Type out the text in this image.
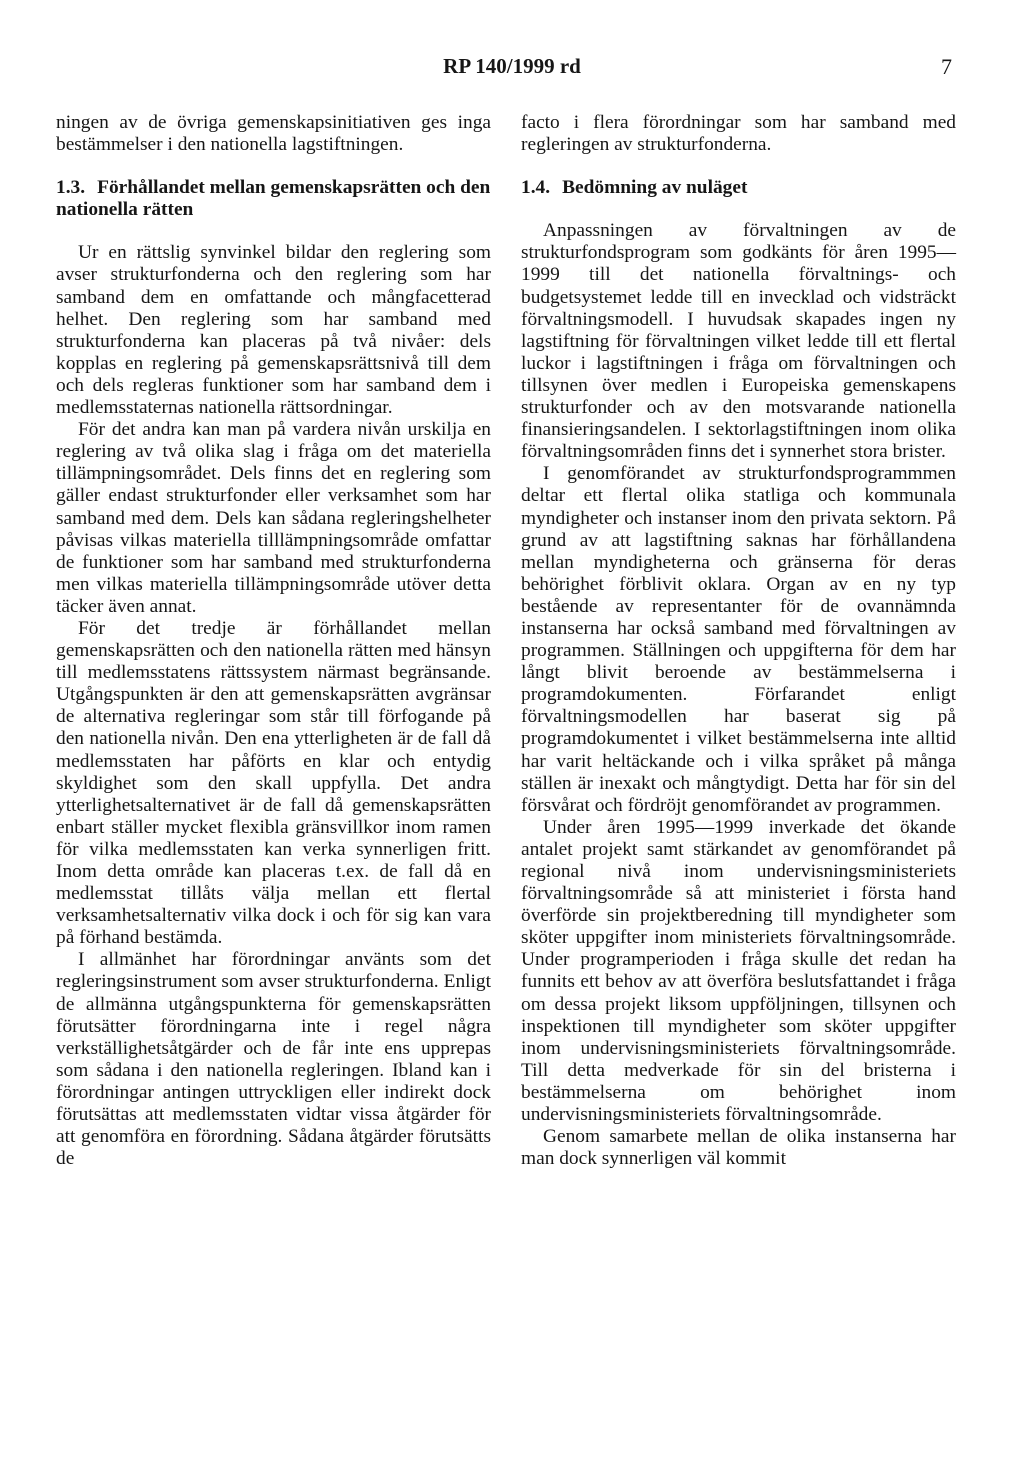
RP 140/1999 rd	7

ningen av de övriga gemenskapsinitiativen ges inga bestämmelser i den nationella lagstiftningen.

1.3. Förhållandet mellan gemenskapsrätten och den nationella rätten

Ur en rättslig synvinkel bildar den reglering som avser strukturfonderna och den reglering som har samband dem en omfattande och mångfacetterad helhet. Den reglering som har samband med strukturfonderna kan placeras på två nivåer: dels kopplas en reglering på gemenskapsrättsnivå till dem och dels regleras funktioner som har samband dem i medlemsstaternas nationella rättsordningar.

För det andra kan man på vardera nivån urskilja en reglering av två olika slag i fråga om det materiella tillämpningsområdet. Dels finns det en reglering som gäller endast strukturfonder eller verksamhet som har samband med dem. Dels kan sådana regleringshelheter påvisas vilkas materiella tilllämpningsområde omfattar de funktioner som har samband med strukturfonderna men vilkas materiella tillämpningsområde utöver detta täcker även annat.

För det tredje är förhållandet mellan gemenskapsrätten och den nationella rätten med hänsyn till medlemsstatens rättssystem närmast begränsande. Utgångspunkten är den att gemenskapsrätten avgränsar de alternativa regleringar som står till förfogande på den nationella nivån. Den ena ytterligheten är de fall då medlemsstaten har påförts en klar och entydig skyldighet som den skall uppfylla. Det andra ytterlighetsalternativet är de fall då gemenskapsrätten enbart ställer mycket flexibla gränsvillkor inom ramen för vilka medlemsstaten kan verka synnerligen fritt. Inom detta område kan placeras t.ex. de fall då en medlemsstat tillåts välja mellan ett flertal verksamhetsalternativ vilka dock i och för sig kan vara på förhand bestämda.

I allmänhet har förordningar använts som det regleringsinstrument som avser strukturfonderna. Enligt de allmänna utgångspunkterna för gemenskapsrätten förutsätter förordningarna inte i regel några verkställighetsåtgärder och de får inte ens upprepas som sådana i den nationella regleringen. Ibland kan i förordningar antingen uttryckligen eller indirekt dock förutsättas att medlemsstaten vidtar vissa åtgärder för att genomföra en förordning. Sådana åtgärder förutsätts de

facto i flera förordningar som har samband med regleringen av strukturfonderna.

1.4. Bedömning av nuläget

Anpassningen av förvaltningen av de strukturfondsprogram som godkänts för åren 1995—1999 till det nationella förvaltnings- och budgetsystemet ledde till en invecklad och vidsträckt förvaltningsmodell. I huvudsak skapades ingen ny lagstiftning för förvaltningen vilket ledde till ett flertal luckor i lagstiftningen i fråga om förvaltningen och tillsynen över medlen i Europeiska gemenskapens strukturfonder och av den motsvarande nationella finansieringsandelen. I sektorlagstiftningen inom olika förvaltningsområden finns det i synnerhet stora brister.

I genomförandet av strukturfondsprogrammmen deltar ett flertal olika statliga och kommunala myndigheter och instanser inom den privata sektorn. På grund av att lagstiftning saknas har förhållandena mellan myndigheterna och gränserna för deras behörighet förblivit oklara. Organ av en ny typ bestående av representanter för de ovannämnda instanserna har också samband med förvaltningen av programmen. Ställningen och uppgifterna för dem har långt blivit beroende av bestämmelserna i programdokumenten. Förfarandet enligt förvaltningsmodellen har baserat sig på programdokumentet i vilket bestämmelserna inte alltid har varit heltäckande och i vilka språket på många ställen är inexakt och mångtydigt. Detta har för sin del försvårat och fördröjt genomförandet av programmen.

Under åren 1995—1999 inverkade det ökande antalet projekt samt stärkandet av genomförandet på regional nivå inom undervisningsministeriets förvaltningsområde så att ministeriet i första hand överförde sin projektberedning till myndigheter som sköter uppgifter inom ministeriets förvaltningsområde. Under programperioden i fråga skulle det redan ha funnits ett behov av att överföra beslutsfattandet i fråga om dessa projekt liksom uppföljningen, tillsynen och inspektionen till myndigheter som sköter uppgifter inom undervisningsministeriets förvaltningsområde. Till detta medverkade för sin del bristerna i bestämmelserna om behörighet inom undervisningsministeriets förvaltningsområde.

Genom samarbete mellan de olika instanserna har man dock synnerligen väl kommit
